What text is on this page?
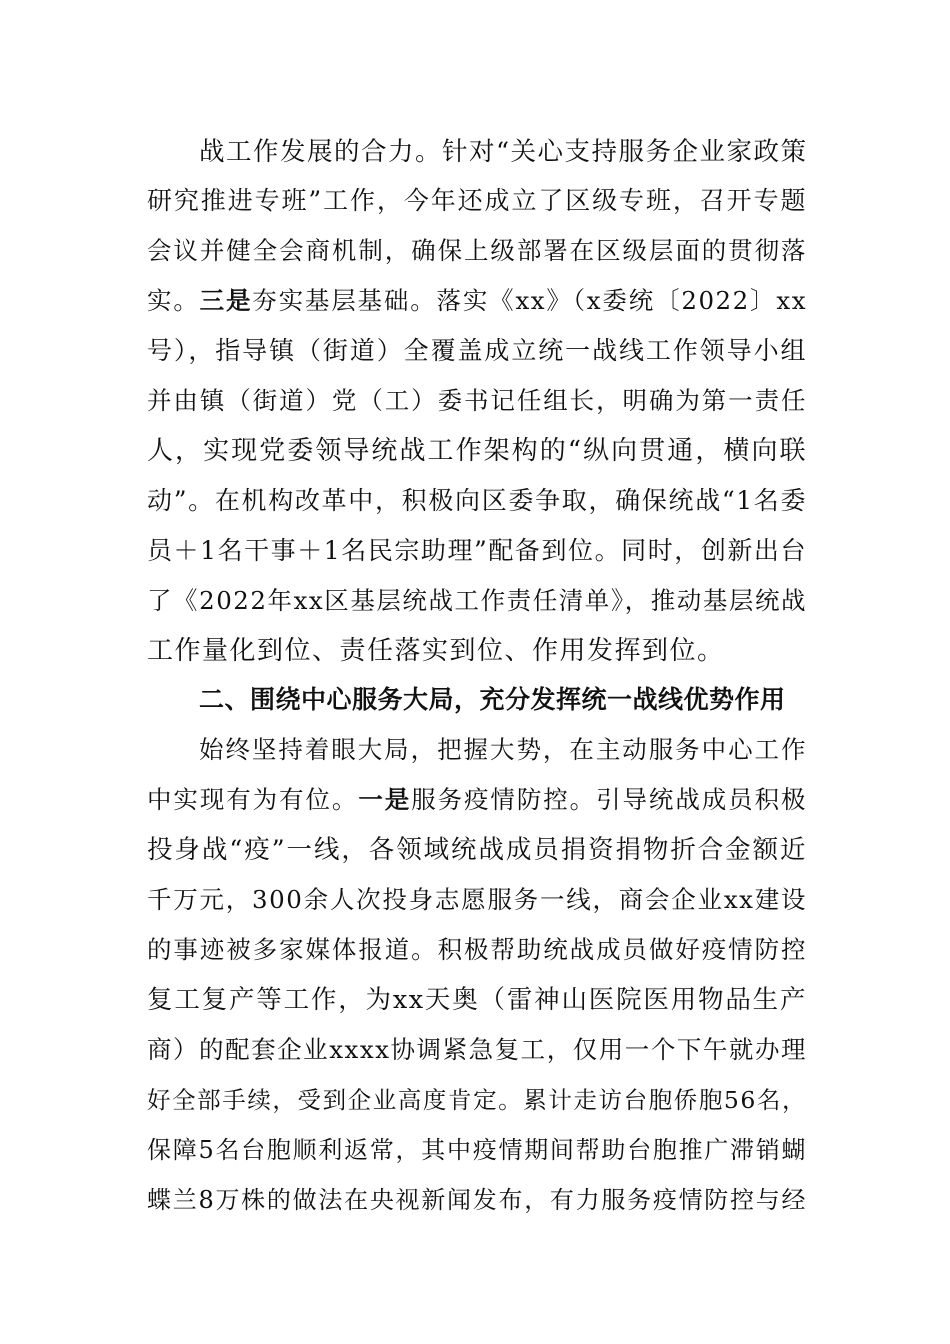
战工作发展的合力。针对“关心支持服务企业家政策
研究推进专班”工作，今年还成立了区级专班，召开专题
会议并健全会商机制，确保上级部署在区级层面的贯彻落
实。三是夯实基层基础。落实《xx》（x委统〔2022〕xx
号），指导镇（街道）全覆盖成立统一战线工作领导小组
并由镇（街道）党（工）委书记任组长，明确为第一责任
人，实现党委领导统战工作架构的“纵向贯通，横向联
动”。在机构改革中，积极向区委争取，确保统战“1名委
员＋1名干事＋1名民宗助理”配备到位。同时，创新出台
了《2022年xx区基层统战工作责任清单》，推动基层统战
工作量化到位、责任落实到位、作用发挥到位。
二、围绕中心服务大局，充分发挥统一战线优势作用
始终坚持着眼大局，把握大势，在主动服务中心工作
中实现有为有位。一是服务疫情防控。引导统战成员积极
投身战“疫”一线，各领域统战成员捐资捐物折合金额近
千万元，300余人次投身志愿服务一线，商会企业xx建设
的事迹被多家媒体报道。积极帮助统战成员做好疫情防控
复工复产等工作，为xx天奥（雷神山医院医用物品生产
商）的配套企业xxxx协调紧急复工，仅用一个下午就办理
好全部手续，受到企业高度肯定。累计走访台胞侨胞56名，
保障5名台胞顺利返常，其中疫情期间帮助台胞推广滞销蝴
蝶兰8万株的做法在央视新闻发布，有力服务疫情防控与经
